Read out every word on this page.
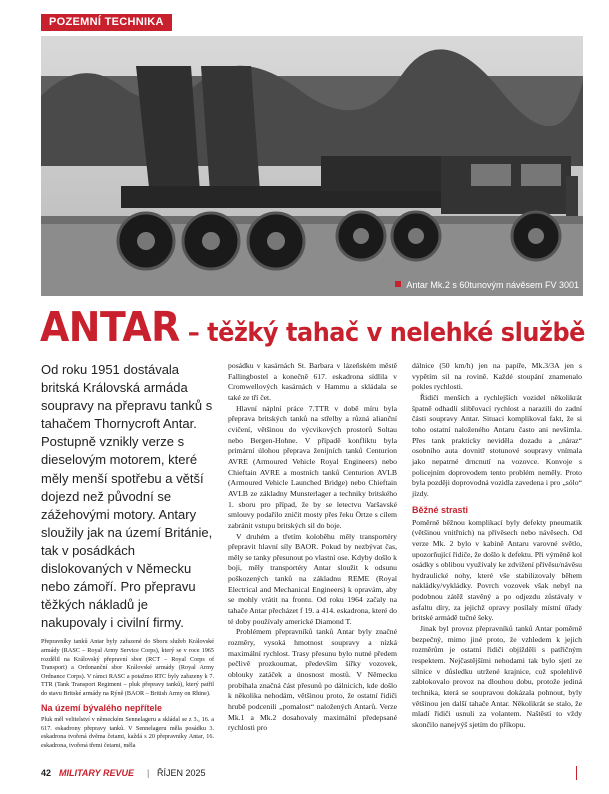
POZEMNÍ TECHNIKA
Antar Mk.2 s 60tunovým návěsem FV 3001
ANTAR – těžký tahač v nelehké službě

Od roku 1951 dostávala britská Královská armáda soupravy na přepravu tanků s tahačem Thornycroft Antar. Postupně vznikly verze s dieselovým motorem, které měly menší spotřebu a větší dojezd než původní se zážehovými motory. Antary sloužily jak na území Británie, tak v posádkách dislokovaných v Německu nebo zámoří. Pro přepravu těžkých nákladů je nakupovaly i civilní firmy.

Přepravníky tanků Antar byly zařazené do Sboru služeb Královské armády (RASC – Royal Army Service Corps), který se v roce 1965 rozdělil na Královský přepravní sbor (RCT – Royal Corps of Transport) a Ordonanční sbor Královské armády (Royal Army Ordnance Corps). V rámci RASC a potažmo RTC byly zařazeny k 7. TTR (Tank Transport Regiment – pluk přepravy tanků), který patřil do stavu Britské armády na Rýně (BAOR – British Army on Rhine).

Na území bývalého nepřítele

Pluk měl velitelství v německém Sennelageru a skládal se z 3., 16. a 617. eskadrony přepravy tanků. V Sennelageru měla posádku 3. eskadrona tvořená dvěma četami, každá s 20 přepravníky Antar, 16. eskadrona, tvořená třemi četami, měla

posádku v kasárnách St. Barbara v lázeňském městě Fallingbostel a konečně 617. eskadrona sídlila v Cromwellových kasárnách v Hammu a skládala se také ze tří čet.

Hlavní náplní práce 7.TTR v době míru byla přeprava britských tanků na střelby a různá alianční cvičení, většinou do výcvikových prostorů Soltau nebo Bergen-Hohne. V případě konfliktu byla primární úlohou přeprava ženijních tanků Centurion AVRE (Armoured Vehicle Royal Engineers) nebo Chieftain AVRE a mostních tanků Centurion AVLB (Armoured Vehicle Launched Bridge) nebo Chieftain AVLB ze základny Munsterlager a techniky britského 1. sboru pro případ, že by se letectvu Varšavské smlouvy podařilo zničit mosty přes řeku Örtze s cílem zabránit vstupu britských sil do boje.

V druhém a třetím koloběhu měly transportéry přepravit hlavní síly BAOR. Pokud by nezbývat čas, měly se tanky přesunout po vlastní ose. Kdyby došlo k boji, měly transportéry Antar sloužit k odsunu poškozených tanků na základnu REME (Royal Electrical and Mechanical Engineers) k opravám, aby se mohly vrátit na frontu. Od roku 1964 začaly na tahače Antar přecházet f 19. a 414. eskadrona, které do té doby používaly americké Diamond T.

Problémem přepravníků tanků Antar byly značné rozměry, vysoká hmotnost soupravy a nízká maximální rychlost. Trasy přesunu bylo nutné předem pečlivě prozkoumat, především šířky vozovek, oblouky zatáček a únosnost mostů. V Německu probíhala značná část přesunů po dálnicích, kde došlo k několika nehodám, většinou proto, že ostatní řidiči hrubě podcenili „pomalost“ naložených Antarů. Verze Mk.1 a Mk.2 dosahovaly maximální předepsané rychlosti pro

dálnice (50 km/h) jen na papíře, Mk.3/3A jen s vypětím sil na rovině. Každé stoupání znamenalo pokles rychlosti.

Řidiči menších a rychlejších vozidel několikrát špatně odhadli slibřovací rychlost a narazili do zadní části soupravy Antar. Situaci komplikoval fakt, že si toho ostatní naloženého Antaru často ani nevšimla. Přes tank prakticky neviděla dozadu a „náraz“ osobního auta dovnitř stotunové soupravy vnímala jako nepatrné drncnutí na vozovce. Konvoje s policejním doprovodem tento problém neměly. Proto byla později doprovodná vozidla zavedena i pro „sólo“ jízdy.

Běžné strasti

Poměrně běžnou komplikací byly defekty pneumatik (většinou vnitřních) na přívěsech nebo návěsech. Od verze Mk. 2 bylo v kabině Antaru varovné světlo, upozorňující řidiče, že došlo k defektu. Při výměně kol osádky s oblibou využívaly ke zdvižení přívěsu/návěsu hydraulické nohy, které vše stabilizovaly během nakládky/vykládky. Povrch vozovek však nebyl na podobnou zátěž stavěný a po odjezdu zůstávaly v asfaltu díry, za jejichž opravy posílaly místní úřady britské armádě tučné šeky.

Jinak byl provoz přepravníků tanků Antar poměrně bezpečný, mimo jiné proto, že vzhledem k jejich rozměrům je ostatní řidiči objížděli s patřičným respektem. Nejčastějšími nehodami tak bylo sjetí ze silnice v důsledku utržené krajnice, což spolehlivě zablokovalo provoz na dlouhou dobu, protože jediná technika, která se soupravou dokázala pohnout, byly většinou jen další tahače Antar. Několikrát se stalo, že mladí řidiči usnuli za volantem. Naštěstí to vždy skončilo nanejvýš sjetím do příkopu.

42 MILITARY REVUE | ŘÍJEN 2025
